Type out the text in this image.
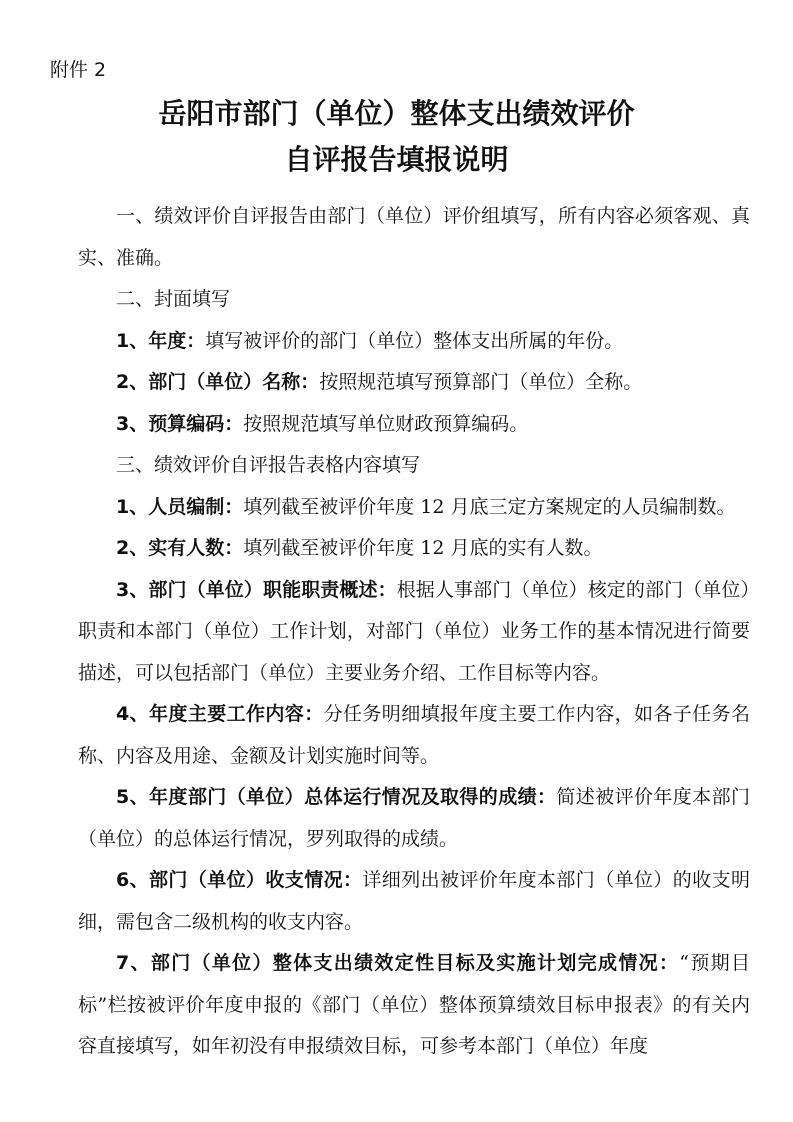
附件 2

岳阳市部门（单位）整体支出绩效评价
自评报告填报说明

一、绩效评价自评报告由部门（单位）评价组填写，所有内容必须客观、真实、准确。

二、封面填写

1、年度：填写被评价的部门（单位）整体支出所属的年份。

2、部门（单位）名称：按照规范填写预算部门（单位）全称。

3、预算编码：按照规范填写单位财政预算编码。

三、绩效评价自评报告表格内容填写

1、人员编制：填列截至被评价年度 12 月底三定方案规定的人员编制数。

2、实有人数：填列截至被评价年度 12 月底的实有人数。

3、部门（单位）职能职责概述：根据人事部门（单位）核定的部门（单位）职责和本部门（单位）工作计划，对部门（单位）业务工作的基本情况进行简要描述，可以包括部门（单位）主要业务介绍、工作目标等内容。

4、年度主要工作内容：分任务明细填报年度主要工作内容，如各子任务名称、内容及用途、金额及计划实施时间等。

5、年度部门（单位）总体运行情况及取得的成绩：简述被评价年度本部门（单位）的总体运行情况，罗列取得的成绩。

6、部门（单位）收支情况：详细列出被评价年度本部门（单位）的收支明细，需包含二级机构的收支内容。

7、部门（单位）整体支出绩效定性目标及实施计划完成情况：“预期目标”栏按被评价年度申报的《部门（单位）整体预算绩效目标申报表》的有关内容直接填写，如年初没有申报绩效目标，可参考本部门（单位）年度
